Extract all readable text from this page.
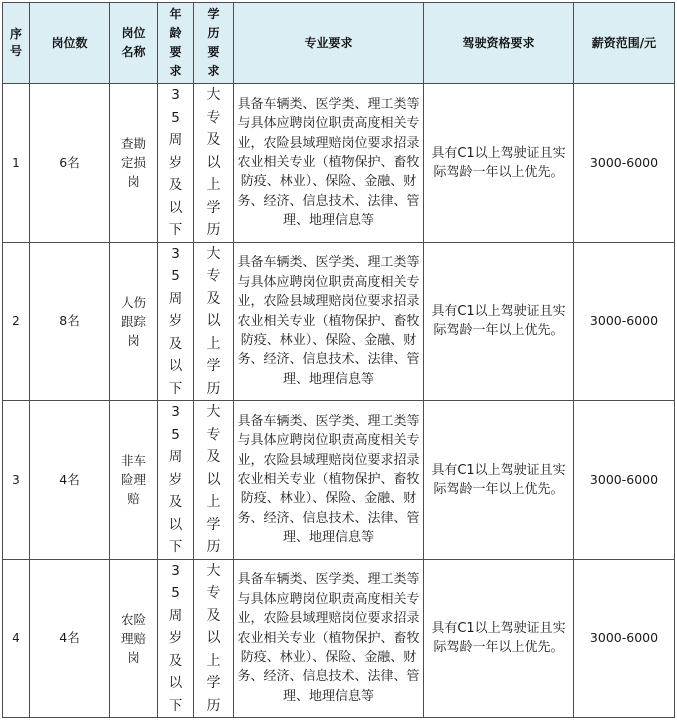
序号	岗位数	岗位名称	年龄要求	学历要求	专业要求	驾驶资格要求	薪资范围/元
1	6名	查勘定损岗	35周岁及以下	大专及以上学历	具备车辆类、医学类、理工类等与具体应聘岗位职责高度相关专业，农险县域理赔岗位要求招录农业相关专业（植物保护、畜牧防疫、林业）、保险、金融、财务、经济、信息技术、法律、管理、地理信息等	具有C1以上驾驶证且实际驾龄一年以上优先。	3000-6000
2	8名	人伤跟踪岗	35周岁及以下	大专及以上学历	具备车辆类、医学类、理工类等与具体应聘岗位职责高度相关专业，农险县域理赔岗位要求招录农业相关专业（植物保护、畜牧防疫、林业）、保险、金融、财务、经济、信息技术、法律、管理、地理信息等	具有C1以上驾驶证且实际驾龄一年以上优先。	3000-6000
3	4名	非车险理赔	35周岁及以下	大专及以上学历	具备车辆类、医学类、理工类等与具体应聘岗位职责高度相关专业，农险县域理赔岗位要求招录农业相关专业（植物保护、畜牧防疫、林业）、保险、金融、财务、经济、信息技术、法律、管理、地理信息等	具有C1以上驾驶证且实际驾龄一年以上优先。	3000-6000
4	4名	农险理赔岗	35周岁及以下	大专及以上学历	具备车辆类、医学类、理工类等与具体应聘岗位职责高度相关专业，农险县域理赔岗位要求招录农业相关专业（植物保护、畜牧防疫、林业）、保险、金融、财务、经济、信息技术、法律、管理、地理信息等	具有C1以上驾驶证且实际驾龄一年以上优先。	3000-6000
